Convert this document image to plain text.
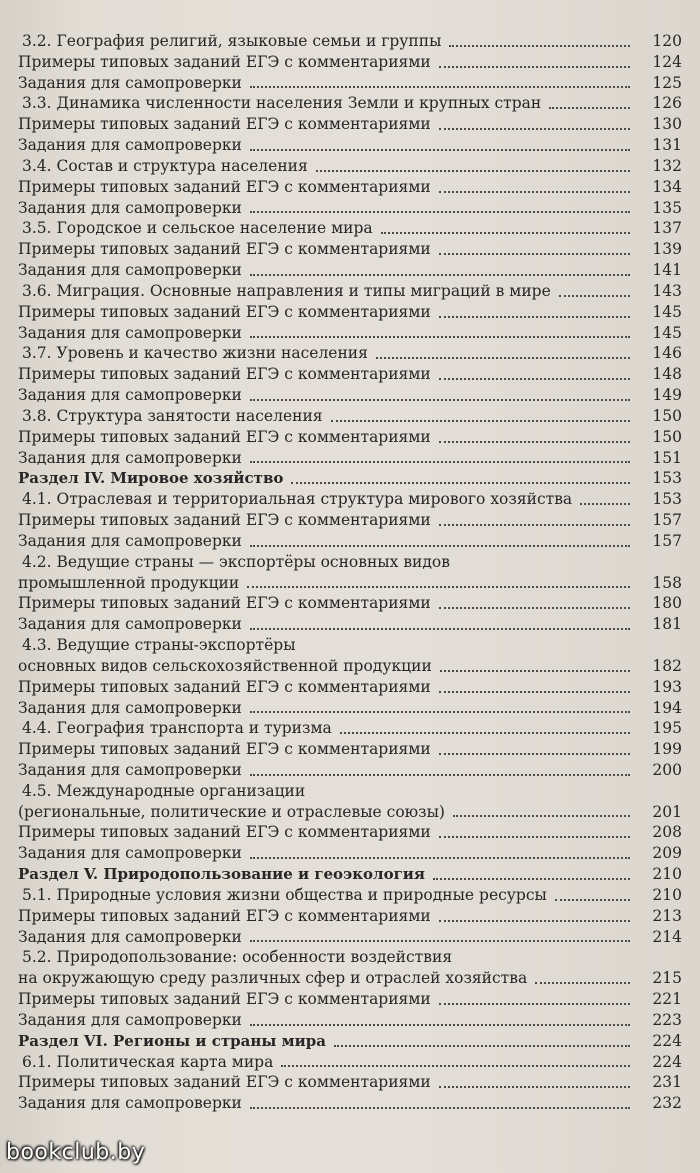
3.2. География религий, языковые семьи и группы	120
Примеры типовых заданий ЕГЭ с комментариями	124
Задания для самопроверки	125
3.3. Динамика численности населения Земли и крупных стран	126
Примеры типовых заданий ЕГЭ с комментариями	130
Задания для самопроверки	131
3.4. Состав и структура населения	132
Примеры типовых заданий ЕГЭ с комментариями	134
Задания для самопроверки	135
3.5. Городское и сельское население мира	137
Примеры типовых заданий ЕГЭ с комментариями	139
Задания для самопроверки	141
3.6. Миграция. Основные направления и типы миграций в мире	143
Примеры типовых заданий ЕГЭ с комментариями	145
Задания для самопроверки	145
3.7. Уровень и качество жизни населения	146
Примеры типовых заданий ЕГЭ с комментариями	148
Задания для самопроверки	149
3.8. Структура занятости населения	150
Примеры типовых заданий ЕГЭ с комментариями	150
Задания для самопроверки	151
Раздел IV. Мировое хозяйство	153
4.1. Отраслевая и территориальная структура мирового хозяйства	153
Примеры типовых заданий ЕГЭ с комментариями	157
Задания для самопроверки	157
4.2. Ведущие страны — экспортёры основных видов
промышленной продукции	158
Примеры типовых заданий ЕГЭ с комментариями	180
Задания для самопроверки	181
4.3. Ведущие страны-экспортёры
основных видов сельскохозяйственной продукции	182
Примеры типовых заданий ЕГЭ с комментариями	193
Задания для самопроверки	194
4.4. География транспорта и туризма	195
Примеры типовых заданий ЕГЭ с комментариями	199
Задания для самопроверки	200
4.5. Международные организации
(региональные, политические и отраслевые союзы)	201
Примеры типовых заданий ЕГЭ с комментариями	208
Задания для самопроверки	209
Раздел V. Природопользование и геоэкология	210
5.1. Природные условия жизни общества и природные ресурсы	210
Примеры типовых заданий ЕГЭ с комментариями	213
Задания для самопроверки	214
5.2. Природопользование: особенности воздействия
на окружающую среду различных сфер и отраслей хозяйства	215
Примеры типовых заданий ЕГЭ с комментариями	221
Задания для самопроверки	223
Раздел VI. Регионы и страны мира	224
6.1. Политическая карта мира	224
Примеры типовых заданий ЕГЭ с комментариями	231
Задания для самопроверки	232
bookclub.by
